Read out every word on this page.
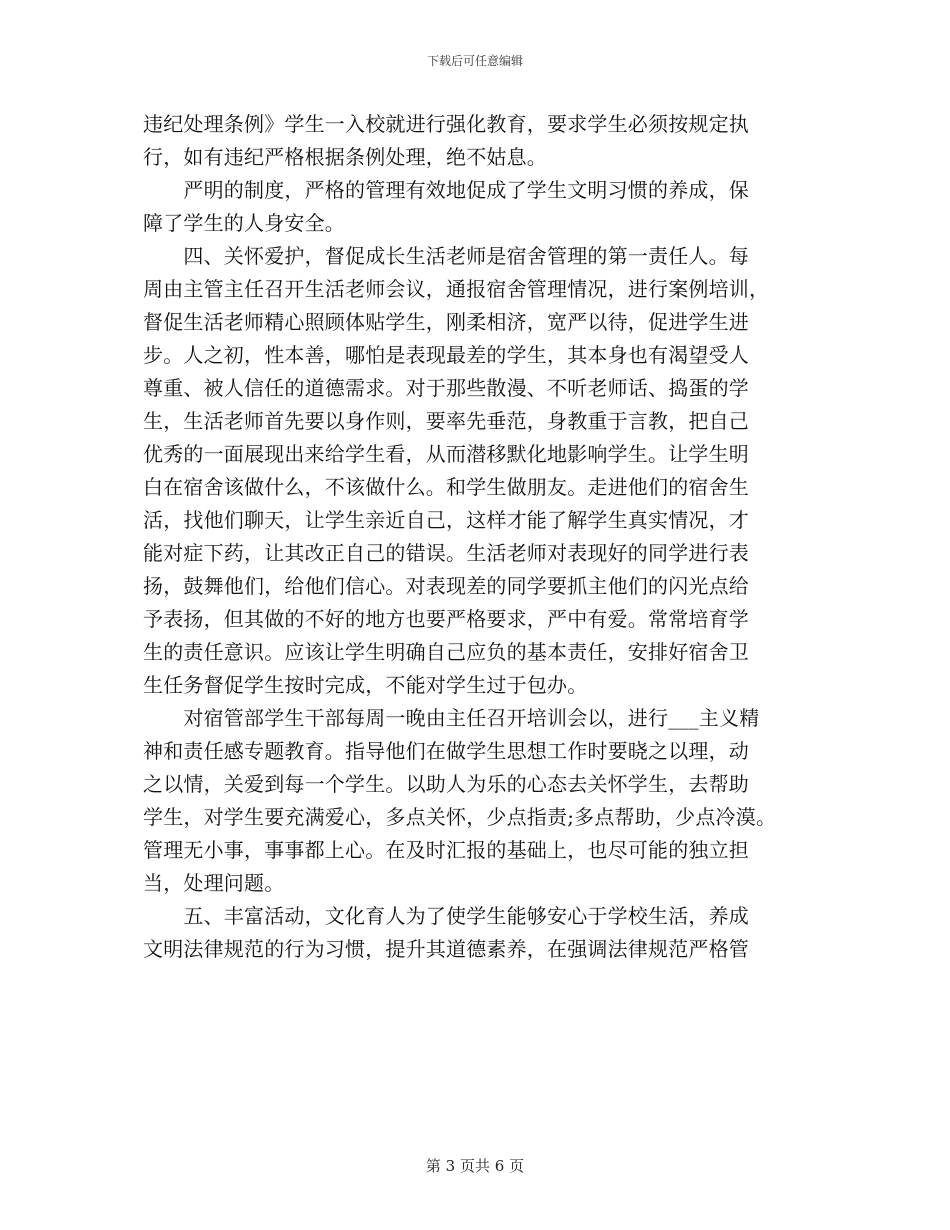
下载后可任意编辑
违纪处理条例》学生一入校就进行强化教育，要求学生必须按规定执
行，如有违纪严格根据条例处理，绝不姑息。
　　严明的制度，严格的管理有效地促成了学生文明习惯的养成，保
障了学生的人身安全。
　　四、关怀爱护，督促成长生活老师是宿舍管理的第一责任人。每
周由主管主任召开生活老师会议，通报宿舍管理情况，进行案例培训，
督促生活老师精心照顾体贴学生，刚柔相济，宽严以待，促进学生进
步。人之初，性本善，哪怕是表现最差的学生，其本身也有渴望受人
尊重、被人信任的道德需求。对于那些散漫、不听老师话、捣蛋的学
生，生活老师首先要以身作则，要率先垂范，身教重于言教，把自己
优秀的一面展现出来给学生看，从而潜移默化地影响学生。让学生明
白在宿舍该做什么，不该做什么。和学生做朋友。走进他们的宿舍生
活，找他们聊天，让学生亲近自己，这样才能了解学生真实情况，才
能对症下药，让其改正自己的错误。生活老师对表现好的同学进行表
扬，鼓舞他们，给他们信心。对表现差的同学要抓主他们的闪光点给
予表扬，但其做的不好的地方也要严格要求，严中有爱。常常培育学
生的责任意识。应该让学生明确自己应负的基本责任，安排好宿舍卫
生任务督促学生按时完成，不能对学生过于包办。
　　对宿管部学生干部每周一晚由主任召开培训会以，进行___主义精
神和责任感专题教育。指导他们在做学生思想工作时要晓之以理，动
之以情，关爱到每一个学生。以助人为乐的心态去关怀学生，去帮助
学生，对学生要充满爱心，多点关怀，少点指责;多点帮助，少点冷漠。
管理无小事，事事都上心。在及时汇报的基础上，也尽可能的独立担
当，处理问题。
　　五、丰富活动，文化育人为了使学生能够安心于学校生活，养成
文明法律规范的行为习惯，提升其道德素养，在强调法律规范严格管
第 3 页共 6 页
